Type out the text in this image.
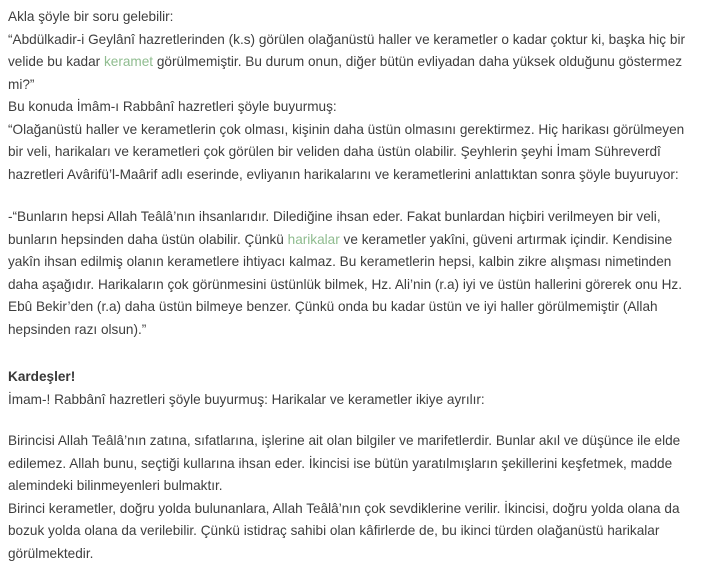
Akla şöyle bir soru gelebilir:

“Abdülkadir-i Geylânî hazretlerinden (k.s) görülen olağanüstü haller ve kerametler o kadar çoktur ki, başka hiç bir velide bu kadar keramet görülmemiştir. Bu durum onun, diğer bütün evliyadan daha yüksek olduğunu göstermez mi?”

Bu konuda İmâm-ı Rabbânî hazretleri şöyle buyurmuş:

“Olağanüstü haller ve kerametlerin çok olması, kişinin daha üstün olmasını gerektirmez. Hiç harikası görülmeyen bir veli, harikaları ve kerametleri çok görülen bir veliden daha üstün olabilir. Şeyhlerin şeyhi İmam Sühreverdî hazretleri Avârifü’l-Maârif adlı eserinde, evliyanın harikalarını ve kerametlerini anlattıktan sonra şöyle buyuruyor:

-“Bunların hepsi Allah Teâlâ’nın ihsanlarıdır. Dilediğine ihsan eder. Fakat bunlardan hiçbiri verilmeyen bir veli, bunların hepsinden daha üstün olabilir. Çünkü harikalar ve kerametler yakîni, güveni artırmak içindir. Kendisine yakîn ihsan edilmiş olanın kerametlere ihtiyacı kalmaz. Bu kerametlerin hepsi, kalbin zikre alışması nimetinden daha aşağıdır. Harikaların çok görünmesini üstünlük bilmek, Hz. Ali’nin (r.a) iyi ve üstün hallerini görerek onu Hz. Ebû Bekir’den (r.a) daha üstün bilmeye benzer. Çünkü onda bu kadar üstün ve iyi haller görülmemiştir (Allah hepsinden razı olsun).”

Kardeşler!

İmam-! Rabbânî hazretleri şöyle buyurmuş: Harikalar ve kerametler ikiye ayrılır:

Birincisi Allah Teâlâ’nın zatına, sıfatlarına, işlerine ait olan bilgiler ve marifetlerdir. Bunlar akıl ve düşünce ile elde edilemez. Allah bunu, seçtiği kullarına ihsan eder. İkincisi ise bütün yaratılmışların şekillerini keşfetmek, madde alemindeki bilinmeyenleri bulmaktır.

Birinci kerametler, doğru yolda bulunanlara, Allah Teâlâ’nın çok sevdiklerine verilir. İkincisi, doğru yolda olana da bozuk yolda olana da verilebilir. Çünkü istidraç sahibi olan kâfirlerde de, bu ikinci türden olağanüstü harikalar görülmektedir.
